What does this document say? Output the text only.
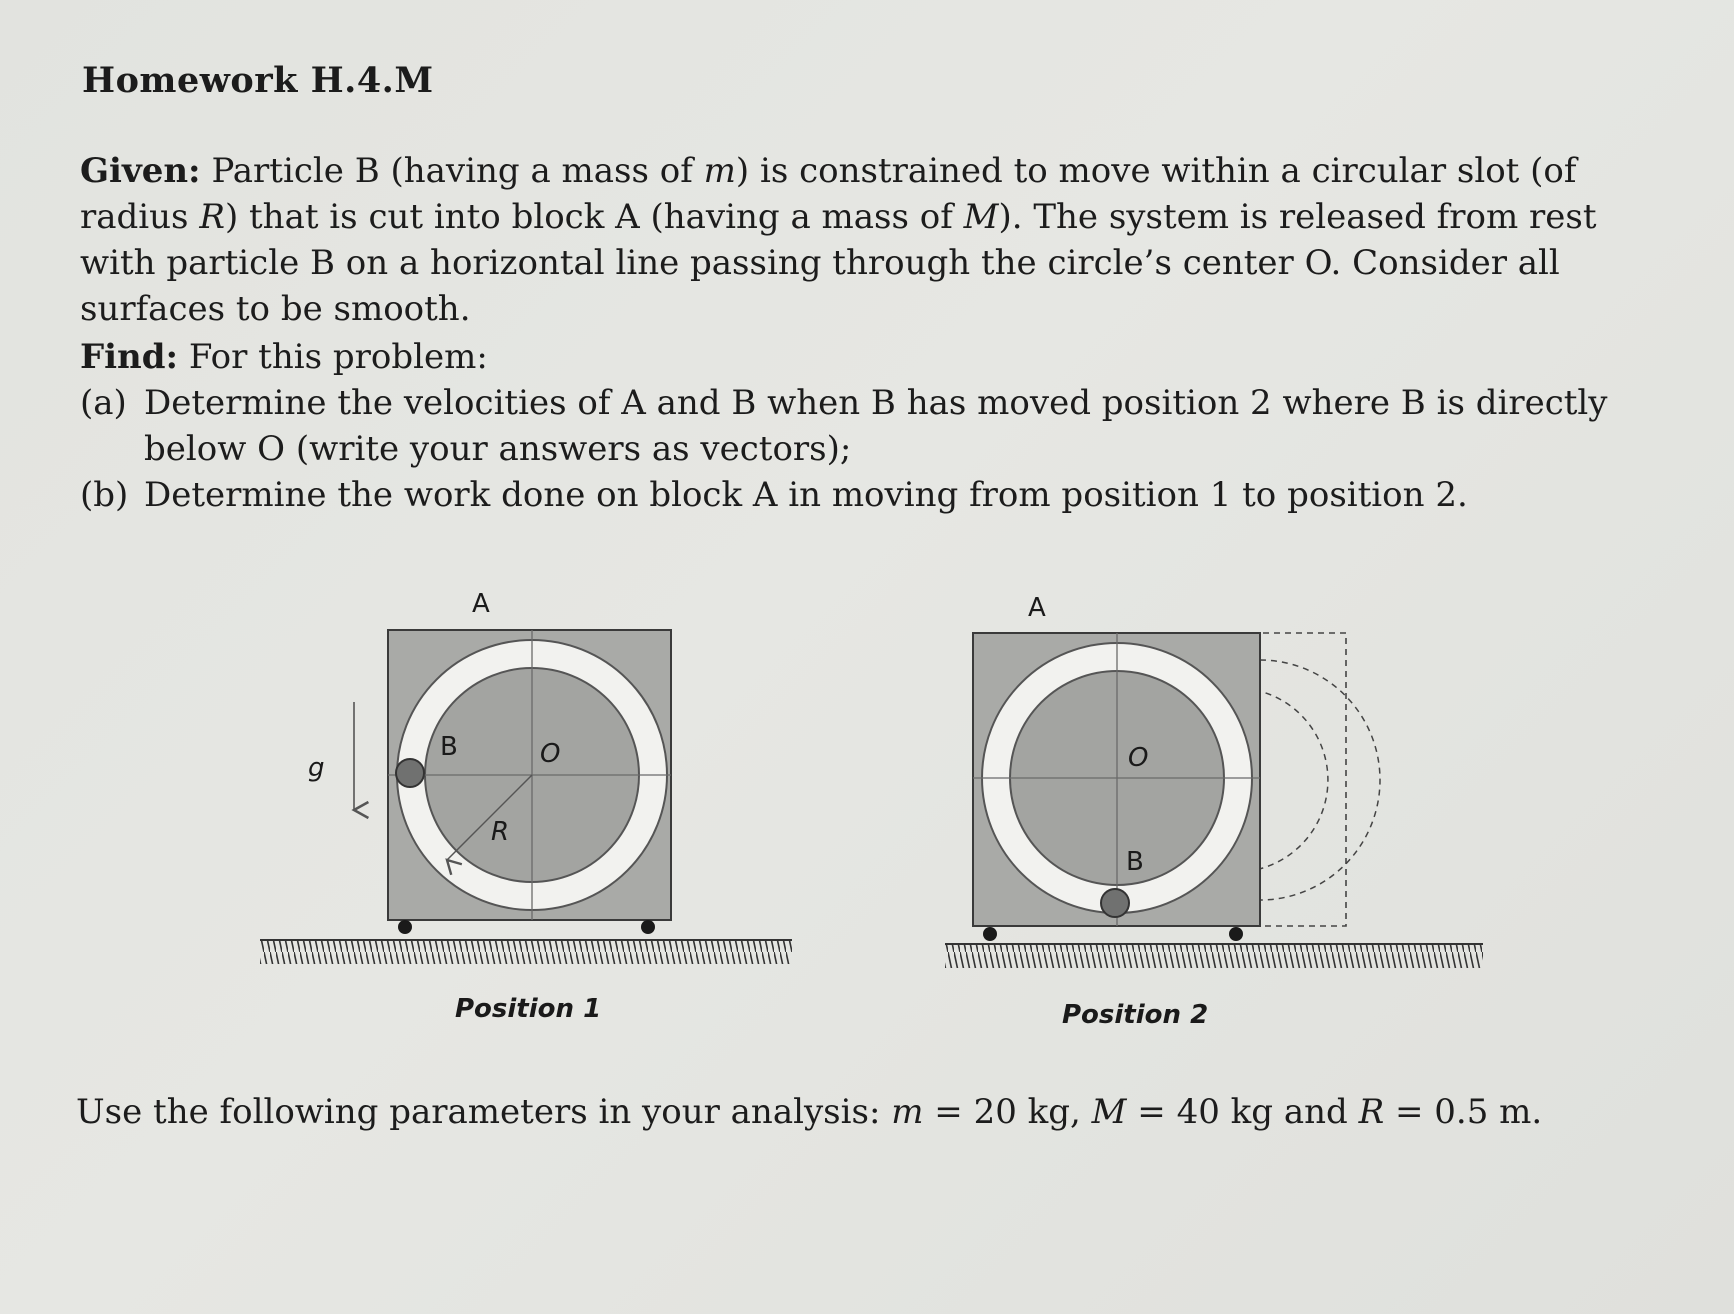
Homework H.4.M
Given: Particle B (having a mass of m) is constrained to move within a circular slot (of radius R) that is cut into block A (having a mass of M). The system is released from rest with particle B on a horizontal line passing through the circle’s center O. Consider all surfaces to be smooth.
Find: For this problem:
(a) Determine the velocities of A and B when B has moved position 2 where B is directly below O (write your answers as vectors);
(b) Determine the work done on block A in moving from position 1 to position 2.
g
A
B	O
R
Position 1
A
O
B
Position 2
Use the following parameters in your analysis: m = 20 kg, M = 40 kg and R = 0.5 m.
